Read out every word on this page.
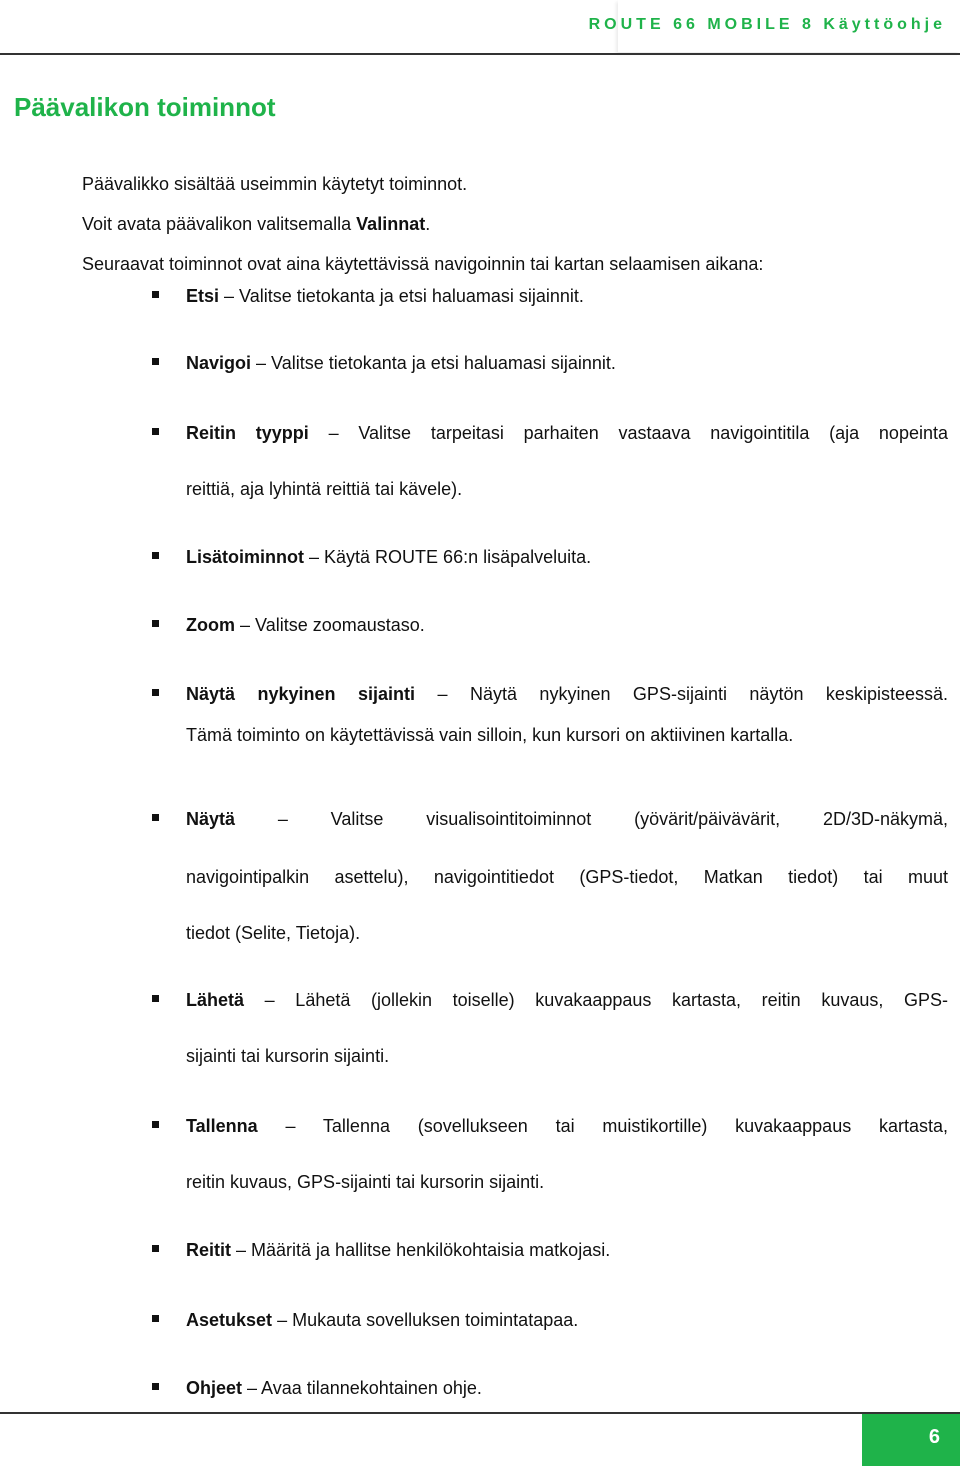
ROUTE 66 MOBILE 8 Käyttöohje
Päävalikon toiminnot

Päävalikko sisältää useimmin käytetyt toiminnot.

Voit avata päävalikon valitsemalla Valinnat.

Seuraavat toiminnot ovat aina käytettävissä navigoinnin tai kartan selaamisen aikana:

Etsi – Valitse tietokanta ja etsi haluamasi sijainnit.
Navigoi – Valitse tietokanta ja etsi haluamasi sijainnit.
Reitin tyyppi – Valitse tarpeitasi parhaiten vastaava navigointitila (aja nopeinta
reittiä, aja lyhintä reittiä tai kävele).
Lisätoiminnot – Käytä ROUTE 66:n lisäpalveluita.
Zoom – Valitse zoomaustaso.
Näytä nykyinen sijainti – Näytä nykyinen GPS-sijainti näytön keskipisteessä.
Tämä toiminto on käytettävissä vain silloin, kun kursori on aktiivinen kartalla.
Näytä – Valitse visualisointitoiminnot (yövärit/päivävärit, 2D/3D-näkymä,
navigointipalkin asettelu), navigointitiedot (GPS-tiedot, Matkan tiedot) tai muut
tiedot (Selite, Tietoja).
Lähetä – Lähetä (jollekin toiselle) kuvakaappaus kartasta, reitin kuvaus, GPS-
sijainti tai kursorin sijainti.
Tallenna – Tallenna (sovellukseen tai muistikortille) kuvakaappaus kartasta,
reitin kuvaus, GPS-sijainti tai kursorin sijainti.
Reitit – Määritä ja hallitse henkilökohtaisia matkojasi.
Asetukset – Mukauta sovelluksen toimintatapaa.
Ohjeet – Avaa tilannekohtainen ohje.
6
